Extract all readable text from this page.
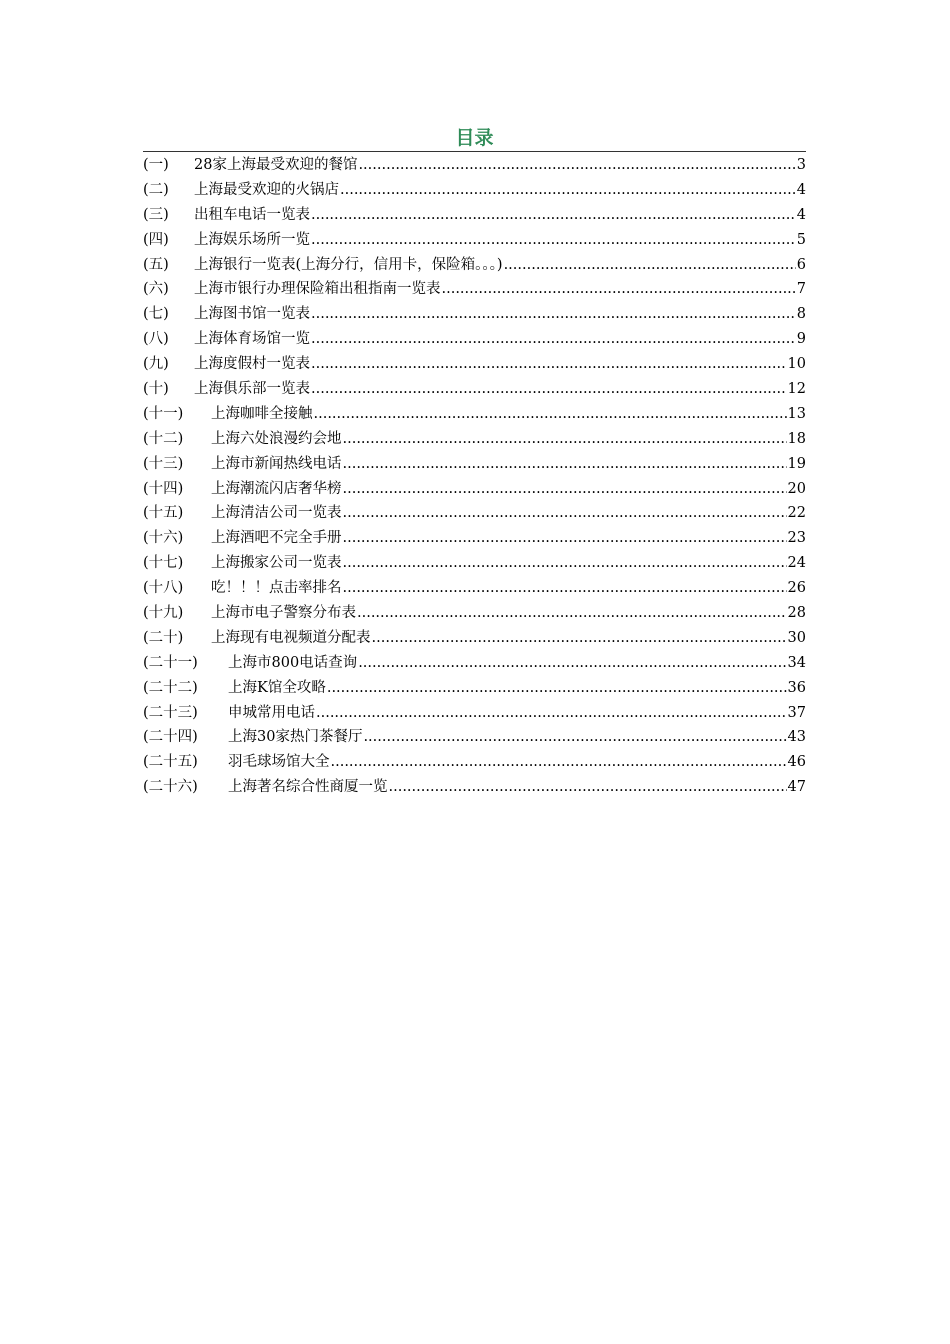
目录
(一)	28家上海最受欢迎的餐馆 .....	3
(二)	上海最受欢迎的火锅店 .....	4
(三)	出租车电话一览表 .....	4
(四)	上海娱乐场所一览 .....	5
(五)	上海银行一览表(上海分行，信用卡，保险箱。。。) .....	6
(六)	上海市银行办理保险箱出租指南一览表 .....	7
(七)	上海图书馆一览表 .....	8
(八)	上海体育场馆一览 .....	9
(九)	上海度假村一览表 .....	10
(十)	上海俱乐部一览表 .....	12
(十一)	上海咖啡全接触 .....	13
(十二)	上海六处浪漫约会地 .....	18
(十三)	上海市新闻热线电话 .....	19
(十四)	上海潮流闪店奢华榜 .....	20
(十五)	上海清洁公司一览表 .....	22
(十六)	上海酒吧不完全手册 .....	23
(十七)	上海搬家公司一览表 .....	24
(十八)	吃！！！点击率排名 .....	26
(十九)	上海市电子警察分布表 .....	28
(二十)	上海现有电视频道分配表 .....	30
(二十一)	上海市800电话查询 .....	34
(二十二)	上海K馆全攻略 .....	36
(二十三)	申城常用电话 .....	37
(二十四)	上海30家热门茶餐厅 .....	43
(二十五)	羽毛球场馆大全 .....	46
(二十六)	上海著名综合性商厦一览 .....	47
